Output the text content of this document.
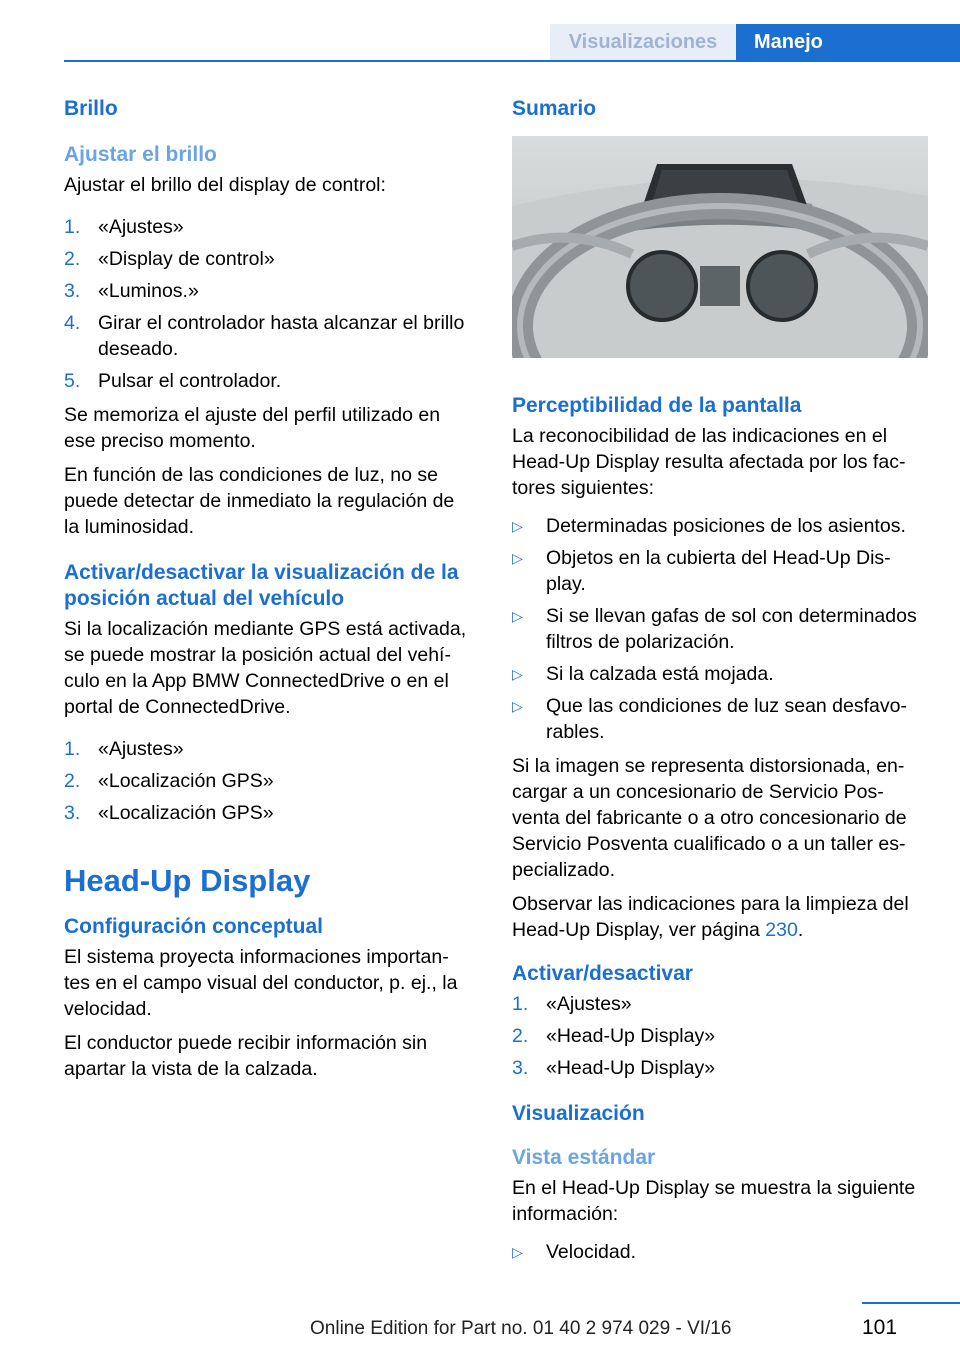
Visualizaciones	Manejo
Brillo
Ajustar el brillo

Ajustar el brillo del display de control:

1. «Ajustes»
2. «Display de control»
3. «Luminos.»
4. Girar el controlador hasta alcanzar el brillo deseado.
5. Pulsar el controlador.

Se memoriza el ajuste del perfil utilizado en ese preciso momento.

En función de las condiciones de luz, no se puede detectar de inmediato la regulación de la luminosidad.

Activar/desactivar la visualización de la posición actual del vehículo

Si la localización mediante GPS está activada, se puede mostrar la posición actual del vehí‐ culo en la App BMW ConnectedDrive o en el portal de ConnectedDrive.

1. «Ajustes»
2. «Localización GPS»
3. «Localización GPS»
Head-Up Display
Configuración conceptual

El sistema proyecta informaciones importan‐ tes en el campo visual del conductor, p. ej., la velocidad.

El conductor puede recibir información sin apartar la vista de la calzada.

Sumario
Perceptibilidad de la pantalla

La reconocibilidad de las indicaciones en el Head-Up Display resulta afectada por los fac‐ tores siguientes:

▷	Determinadas posiciones de los asientos.
▷	Objetos en la cubierta del Head-Up Dis‐ play.
▷	Si se llevan gafas de sol con determinados filtros de polarización.
▷	Si la calzada está mojada.
▷	Que las condiciones de luz sean desfavo‐ rables.

Si la imagen se representa distorsionada, en‐ cargar a un concesionario de Servicio Pos‐ venta del fabricante o a otro concesionario de Servicio Posventa cualificado o a un taller es‐ pecializado.

Observar las indicaciones para la limpieza del Head-Up Display, ver página 230.

Activar/desactivar
1. «Ajustes»
2. «Head-Up Display»
3. «Head-Up Display»
Visualización
Vista estándar

En el Head-Up Display se muestra la siguiente información:

▷	Velocidad.
101
Online Edition for Part no. 01 40 2 974 029 - VI/16
